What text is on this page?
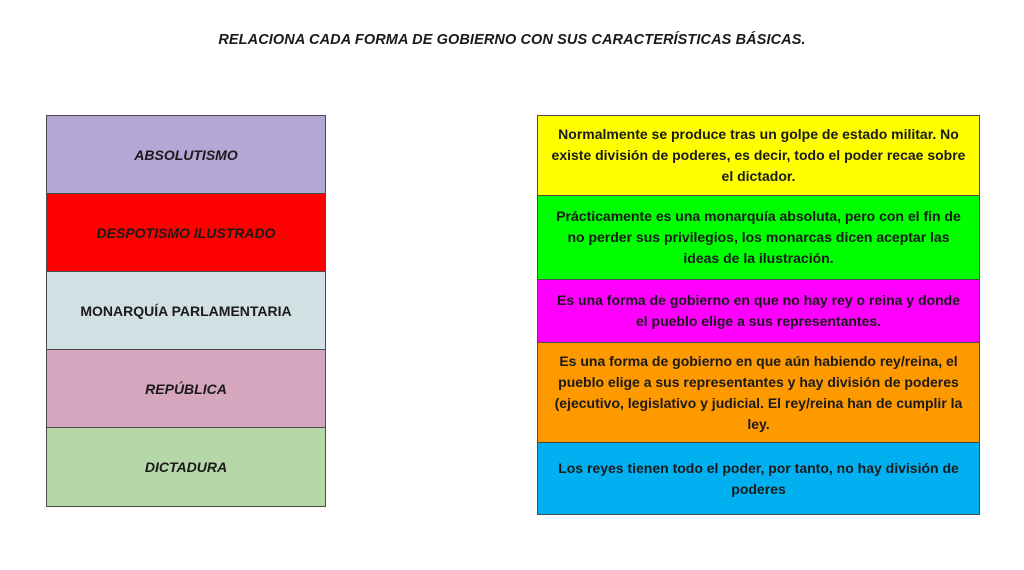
RELACIONA CADA FORMA DE GOBIERNO CON SUS CARACTERÍSTICAS BÁSICAS.
ABSOLUTISMO
DESPOTISMO ILUSTRADO
MONARQUÍA PARLAMENTARIA
REPÚBLICA
DICTADURA
Normalmente se produce tras un golpe de estado militar. No existe división de poderes, es decir, todo el poder recae sobre el dictador.
Prácticamente es una monarquía absoluta, pero con el fin de no perder sus privilegios, los monarcas dicen aceptar las ideas de la ilustración.
Es una forma de gobierno en que no hay rey o reina y donde el pueblo elige a sus representantes.
Es una forma de gobierno en que aún habiendo rey/reina, el pueblo elige a sus representantes y hay división de poderes (ejecutivo, legislativo y judicial. El rey/reina han de cumplir la ley.
Los reyes tienen todo el poder, por tanto, no hay división de poderes
